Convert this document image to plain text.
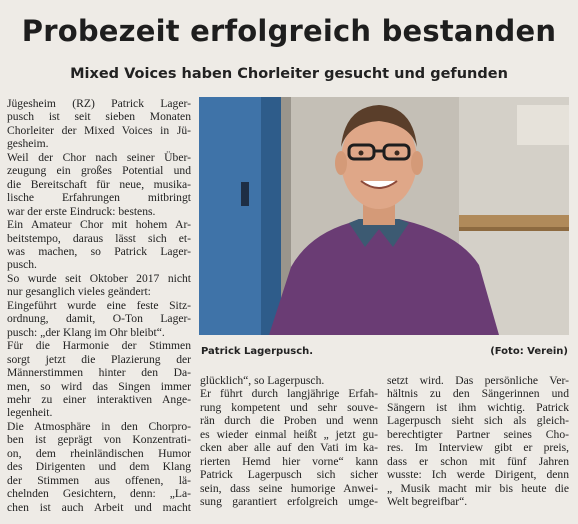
Probezeit erfolgreich bestanden
Mixed Voices haben Chorleiter gesucht und gefunden

Jügesheim (RZ) Patrick Lager-
pusch ist seit sieben Monaten
Chorleiter der Mixed Voices in Jü-
gesheim.

Weil der Chor nach seiner Über-
zeugung ein großes Potential und
die Bereitschaft für neue, musika-
lische Erfahrungen mitbringt
war der erste Eindruck: bestens.

Ein Amateur Chor mit hohem Ar-
beitstempo, daraus lässt sich et-
was machen, so Patrick Lager-
pusch.

So wurde seit Oktober 2017 nicht
nur gesanglich vieles geändert:

Eingeführt wurde eine feste Sitz-
ordnung, damit, O-Ton Lager-
pusch: „der Klang im Ohr bleibt“.

Für die Harmonie der Stimmen
sorgt jetzt die Plazierung der
Männerstimmen hinter den Da-
men, so wird das Singen immer
mehr zu einer interaktiven Ange-
legenheit.

Die Atmosphäre in den Chorpro-
ben ist geprägt von Konzentrati-
on, dem rheinländischen Humor
des Dirigenten und dem Klang
der Stimmen aus offenen, lä-
chelnden Gesichtern, denn: „La-
chen ist auch Arbeit und macht

Patrick Lagerpusch.	(Foto: Verein)

glücklich“, so Lagerpusch.

Er führt durch langjährige Erfah-
rung kompetent und sehr souve-
rän durch die Proben und wenn
es wieder einmal heißt „ jetzt gu-
cken aber alle auf den Vati im ka-
rierten Hemd hier vorne“ kann
Patrick Lagerpusch sich sicher
sein, dass seine humorige Anwei-
sung garantiert erfolgreich umge-

setzt wird. Das persönliche Ver-
hältnis zu den Sängerinnen und
Sängern ist ihm wichtig. Patrick
Lagerpusch sieht sich als gleich-
berechtigter Partner seines Cho-
res. Im Interview gibt er preis,
dass er schon mit fünf Jahren
wusste: Ich werde Dirigent, denn
„ Musik macht mir bis heute die
Welt begreifbar“.
